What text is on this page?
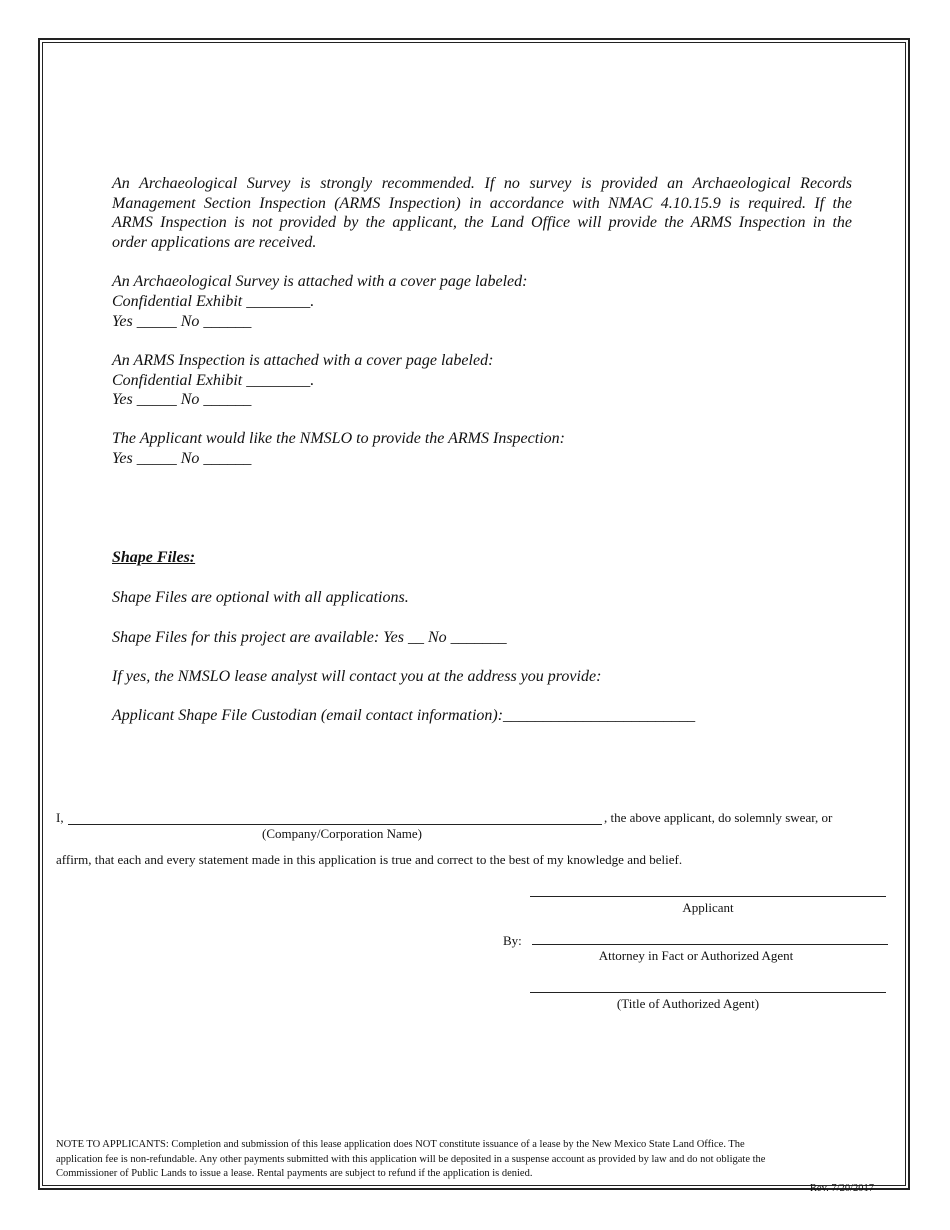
An Archaeological Survey is strongly recommended. If no survey is provided an Archaeological Records
Management Section Inspection (ARMS Inspection) in accordance with NMAC 4.10.15.9 is required. If the
ARMS Inspection is not provided by the applicant, the Land Office will provide the ARMS Inspection in the
order applications are received.
An Archaeological Survey is attached with a cover page labeled:
Confidential Exhibit ________.
Yes _____ No ______
An ARMS Inspection is attached with a cover page labeled:
Confidential Exhibit ________.
Yes _____ No ______
The Applicant would like the NMSLO to provide the ARMS Inspection:
Yes _____ No ______
Shape Files:
Shape Files are optional with all applications.
Shape Files for this project are available: Yes __ No _______
If yes, the NMSLO lease analyst will contact you at the address you provide:
Applicant Shape File Custodian (email contact information):________________________
I,	, the above applicant, do solemnly swear, or
(Company/Corporation Name)
affirm, that each and every statement made in this application is true and correct to the best of my knowledge and belief.
Applicant
By:
Attorney in Fact or Authorized Agent
(Title of Authorized Agent)
NOTE TO APPLICANTS: Completion and submission of this lease application does NOT constitute issuance of a lease by the New Mexico State Land Office. The
application fee is non-refundable. Any other payments submitted with this application will be deposited in a suspense account as provided by law and do not obligate the
Commissioner of Public Lands to issue a lease. Rental payments are subject to refund if the application is denied.
Rev. 7/20/2017
